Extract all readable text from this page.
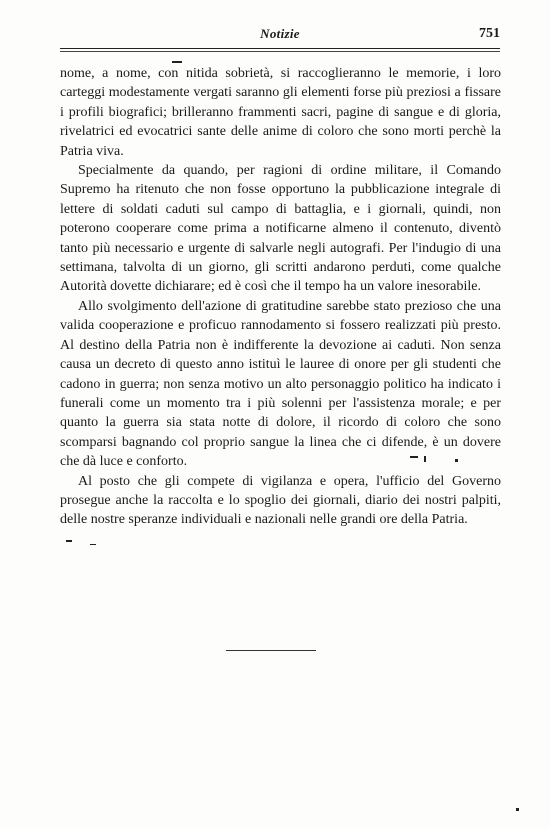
Notizie	751

nome, a nome, con nitida sobrietà, si raccoglieranno le memorie, i loro carteggi modestamente vergati saranno gli elementi forse più preziosi a fissare i profili biografici; brilleranno frammenti sacri, pagine di sangue e di gloria, rivelatrici ed evocatrici sante delle anime di coloro che sono morti perchè la Patria viva.

Specialmente da quando, per ragioni di ordine militare, il Comando Supremo ha ritenuto che non fosse opportuno la pubblicazione integrale di lettere di soldati caduti sul campo di battaglia, e i giornali, quindi, non poterono cooperare come prima a notificarne almeno il contenuto, diventò tanto più necessario e urgente di salvarle negli autografi. Per l'indugio di una settimana, talvolta di un giorno, gli scritti andarono perduti, come qualche Autorità dovette dichiarare; ed è così che il tempo ha un valore inesorabile.

Allo svolgimento dell'azione di gratitudine sarebbe stato prezioso che una valida cooperazione e proficuo rannodamento si fossero realizzati più presto. Al destino della Patria non è indifferente la devozione ai caduti. Non senza causa un decreto di questo anno istituì le lauree di onore per gli studenti che cadono in guerra; non senza motivo un alto personaggio politico ha indicato i funerali come un momento tra i più solenni per l'assistenza morale; e per quanto la guerra sia stata notte di dolore, il ricordo di coloro che sono scomparsi bagnando col proprio sangue la linea che ci difende, è un dovere che dà luce e conforto.

Al posto che gli compete di vigilanza e opera, l'ufficio del Governo prosegue anche la raccolta e lo spoglio dei giornali, diario dei nostri palpiti, delle nostre speranze individuali e nazionali nelle grandi ore della Patria.
